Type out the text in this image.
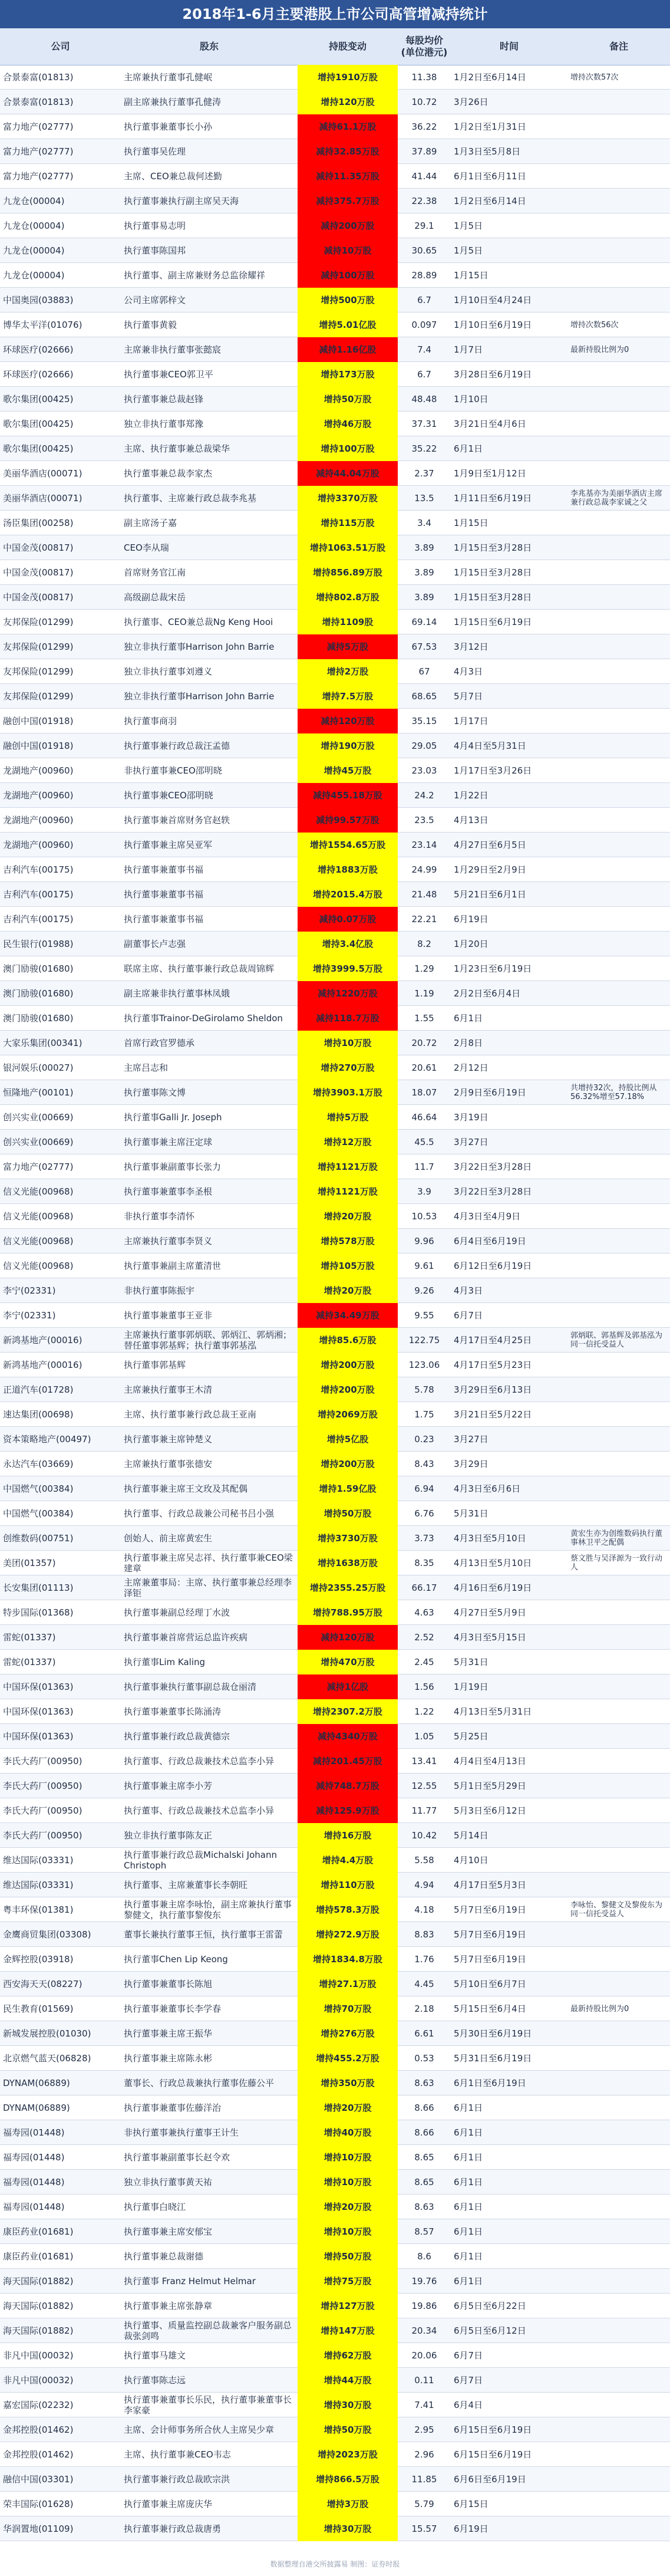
2018年1-6月主要港股上市公司高管增减持统计
公司	股东	持股变动
每股均价(单位港元)
时间	备注
合景泰富(01813)	主席兼执行董事孔健岷	增持1910万股	11.38	1月2日至6月14日	增持次数57次
合景泰富(01813)	副主席兼执行董事孔健涛	增持120万股	10.72	3月26日
富力地产(02777)	执行董事兼董事长小孙	减持61.1万股	36.22	1月2日至1月31日
富力地产(02777)	执行董事吴佐理	减持32.85万股	37.89	1月3日至5月8日
富力地产(02777)	主席、CEO兼总裁何述勤	减持11.35万股	41.44	6月1日至6月11日
九龙仓(00004)	执行董事兼执行副主席吴天海	减持375.7万股	22.38	1月2日至6月14日
九龙仓(00004)	执行董事易志明	减持200万股	29.1	1月5日
九龙仓(00004)	执行董事陈国邦	减持10万股	30.65	1月5日
九龙仓(00004)	执行董事、副主席兼财务总监徐耀祥	减持100万股	28.89	1月15日
中国奥园(03883)	公司主席郭梓文	增持500万股	6.7	1月10日至4月24日
博华太平洋(01076)	执行董事黄毅	增持5.01亿股	0.097	1月10日至6月19日	增持次数56次
环球医疗(02666)	主席兼非执行董事张懿宸	减持1.16亿股	7.4	1月7日	最新持股比例为0
环球医疗(02666)	执行董事兼CEO郭卫平	增持173万股	6.7	3月28日至6月19日
歌尔集团(00425)	执行董事兼总裁赵锋	增持50万股	48.48	1月10日
歌尔集团(00425)	独立非执行董事郑豫	增持46万股	37.31	3月21日至4月6日
歌尔集团(00425)	主席、执行董事兼总裁梁华	增持100万股	35.22	6月1日
美丽华酒店(00071)	执行董事兼总裁李家杰	减持44.04万股	2.37	1月9日至1月12日
美丽华酒店(00071)	执行董事、主席兼行政总裁李兆基	增持3370万股	13.5	1月11日至6月19日	李兆基亦为美丽华酒店主席兼行政总裁李家诚之父
汤臣集团(00258)	副主席汤子嘉	增持115万股	3.4	1月15日
中国金茂(00817)	CEO李从瑞	增持1063.51万股	3.89	1月15日至3月28日
中国金茂(00817)	首席财务官江南	增持856.89万股	3.89	1月15日至3月28日
中国金茂(00817)	高级副总裁宋岳	增持802.8万股	3.89	1月15日至3月28日
友邦保险(01299)	执行董事、CEO兼总裁Ng Keng Hooi	增持1109股	69.14	1月15日至6月19日
友邦保险(01299)	独立非执行董事Harrison John Barrie	减持5万股	67.53	3月12日
友邦保险(01299)	独立非执行董事刘遵义	增持2万股	67	4月3日
友邦保险(01299)	独立非执行董事Harrison John Barrie	增持7.5万股	68.65	5月7日
融创中国(01918)	执行董事商羽	减持120万股	35.15	1月17日
融创中国(01918)	执行董事兼行政总裁汪孟德	增持190万股	29.05	4月4日至5月31日
龙湖地产(00960)	非执行董事兼CEO邵明晓	增持45万股	23.03	1月17日至3月26日
龙湖地产(00960)	执行董事兼CEO邵明晓	减持455.18万股	24.2	1月22日
龙湖地产(00960)	执行董事兼首席财务官赵轶	减持99.57万股	23.5	4月13日
龙湖地产(00960)	执行董事兼主席吴亚军	增持1554.65万股	23.14	4月27日至6月5日
吉利汽车(00175)	执行董事兼董事书福	增持1883万股	24.99	1月29日至2月9日
吉利汽车(00175)	执行董事兼董事书福	增持2015.4万股	21.48	5月21日至6月1日
吉利汽车(00175)	执行董事兼董事书福	减持0.07万股	22.21	6月19日
民生银行(01988)	副董事长卢志强	增持3.4亿股	8.2	1月20日
澳门励骏(01680)	联席主席、执行董事兼行政总裁周锦辉	增持3999.5万股	1.29	1月23日至6月19日
澳门励骏(01680)	副主席兼非执行董事林凤娥	减持1220万股	1.19	2月2日至6月4日
澳门励骏(01680)	执行董事Trainor-DeGirolamo Sheldon	减持118.7万股	1.55	6月1日
大家乐集团(00341)	首席行政官罗德承	增持10万股	20.72	2月8日
银河娱乐(00027)	主席吕志和	增持270万股	20.61	2月12日
恒隆地产(00101)	执行董事陈文博	增持3903.1万股	18.07	2月9日至6月19日	共增持32次，持股比例从56.32%增至57.18%
创兴实业(00669)	执行董事Galli Jr. Joseph	增持5万股	46.64	3月19日
创兴实业(00669)	执行董事兼主席汪定球	增持12万股	45.5	3月27日
富力地产(02777)	执行董事兼副董事长张力	增持1121万股	11.7	3月22日至3月28日
信义光能(00968)	执行董事兼董事李圣根	增持1121万股	3.9	3月22日至3月28日
信义光能(00968)	非执行董事李清怀	增持20万股	10.53	4月3日至4月9日
信义光能(00968)	主席兼执行董事李贤义	增持578万股	9.96	6月4日至6月19日
信义光能(00968)	执行董事兼副主席董清世	增持105万股	9.61	6月12日至6月19日
李宁(02331)	非执行董事陈振宇	增持20万股	9.26	4月3日
李宁(02331)	执行董事兼董事王亚非	减持34.49万股	9.55	6月7日
新鸿基地产(00016)	主席兼执行董事郭炳联、郭炳江、郭炳湘；替任董事郭基辉；执行董事郭基泓	增持85.6万股	122.75	4月17日至4月25日	郭炳联、郭基辉及郭基泓为同一信托受益人
新鸿基地产(00016)	执行董事郭基辉	增持200万股	123.06	4月17日至5月23日
正道汽车(01728)	主席兼执行董事王木清	增持200万股	5.78	3月29日至6月13日
速达集团(00698)	主席、执行董事兼行政总裁王亚南	增持2069万股	1.75	3月21日至5月22日
资本策略地产(00497)	执行董事兼主席钟楚义	增持5亿股	0.23	3月27日
永达汽车(03669)	主席兼执行董事张德安	增持200万股	8.43	3月29日
中国燃气(00384)	执行董事兼主席王文玫及其配偶	增持1.59亿股	6.94	4月3日至6月6日
中国燃气(00384)	执行董事、行政总裁兼公司秘书吕小强	增持50万股	6.76	5月31日
创维数码(00751)	创始人、前主席黄宏生	增持3730万股	3.73	4月3日至5月10日	黄宏生亦为创维数码执行董事林卫平之配偶
美团(01357)	执行董事兼主席吴志祥、执行董事兼CEO梁建章	增持1638万股	8.35	4月13日至5月10日	蔡文胜与吴泽源为一致行动人
长安集团(01113)	主席兼董事局：主席、执行董事兼总经理李泽钜	增持2355.25万股	66.17	4月16日至6月19日
特步国际(01368)	执行董事兼副总经理丁水波	增持788.95万股	4.63	4月27日至5月9日
雷蛇(01337)	执行董事兼首席营运总监许疾病	减持120万股	2.52	4月3日至5月15日
雷蛇(01337)	执行董事Lim Kaling	增持470万股	2.45	5月31日
中国环保(01363)	执行董事兼执行董事副总裁仓丽清	减持1亿股	1.56	1月19日
中国环保(01363)	执行董事兼董事长陈涌涛	增持2307.2万股	1.22	4月13日至5月31日
中国环保(01363)	执行董事兼行政总裁黄德宗	减持4340万股	1.05	5月25日
李氏大药厂(00950)	执行董事、行政总裁兼技术总监李小异	减持201.45万股	13.41	4月4日至4月13日
李氏大药厂(00950)	执行董事兼主席李小芳	减持748.7万股	12.55	5月1日至5月29日
李氏大药厂(00950)	执行董事、行政总裁兼技术总监李小异	减持125.9万股	11.77	5月3日至6月12日
李氏大药厂(00950)	独立非执行董事陈友正	增持16万股	10.42	5月14日
维达国际(03331)	执行董事兼行政总裁Michalski Johann Christoph	增持4.4万股	5.58	4月10日
维达国际(03331)	执行董事、主席兼董事长李朝旺	增持110万股	4.94	4月17日至5月3日
粤丰环保(01381)	执行董事兼主席李咏怡，副主席兼执行董事黎健文，执行董事黎俊东	增持578.3万股	4.18	5月7日至6月19日	李咏怡、黎健文及黎俊东为同一信托受益人
金鹰商贸集团(03308)	董事长兼执行董事王恒，执行董事王雷蕾	增持272.9万股	8.83	5月7日至6月19日
金辉控股(03918)	执行董事Chen Lip Keong	增持1834.8万股	1.76	5月7日至6月19日
西安海天天(08227)	执行董事兼董事长陈旭	增持27.1万股	4.45	5月10日至6月7日
民生教育(01569)	执行董事兼董事长李学春	增持70万股	2.18	5月15日至6月4日	最新持股比例为0
新城发展控股(01030)	执行董事兼主席王振华	增持276万股	6.61	5月30日至6月19日
北京燃气蓝天(06828)	执行董事兼主席陈永彬	增持455.2万股	0.53	5月31日至6月19日
DYNAM(06889)	董事长、行政总裁兼执行董事佐藤公平	增持350万股	8.63	6月1日至6月19日
DYNAM(06889)	执行董事兼董事佐藤洋治	增持20万股	8.66	6月1日
福寿园(01448)	非执行董事兼执行董事王计生	增持40万股	8.66	6月1日
福寿园(01448)	执行董事兼副董事长赵令欢	增持10万股	8.65	6月1日
福寿园(01448)	独立非执行董事黄天祐	增持10万股	8.65	6月1日
福寿园(01448)	执行董事白晓江	增持20万股	8.63	6月1日
康臣药业(01681)	执行董事兼主席安郁宝	增持10万股	8.57	6月1日
康臣药业(01681)	执行董事兼总裁谢德	增持50万股	8.6	6月1日
海天国际(01882)	执行董事 Franz Helmut Helmar	增持75万股	19.76	6月1日
海天国际(01882)	执行董事兼主席张静章	增持127万股	19.86	6月5日至6月22日
海天国际(01882)	执行董事、质量监控副总裁兼客户服务副总裁张剑鸣	增持147万股	20.34	6月5日至6月12日
非凡中国(00032)	执行董事马雄文	增持62万股	20.06	6月7日
非凡中国(00032)	执行董事陈志远	增持44万股	0.11	6月7日
嘉宏国际(02232)	执行董事兼董事长乐民，执行董事兼董事长李家豪	增持30万股	7.41	6月4日
金邦控股(01462)	主席、会计师事务所合伙人主席吴少章	增持50万股	2.95	6月15日至6月19日
金邦控股(01462)	主席、执行董事兼CEO韦志	增持2023万股	2.96	6月15日至6月19日
融信中国(03301)	执行董事兼行政总裁欧宗洪	增持866.5万股	11.85	6月6日至6月19日
荣丰国际(01628)	执行董事兼主席庞庆华	增持3万股	5.79	6月15日
华润置地(01109)	执行董事兼行政总裁唐勇	增持30万股	15.57	6月19日
数据整理自港交所披露易 制图：证券时报
